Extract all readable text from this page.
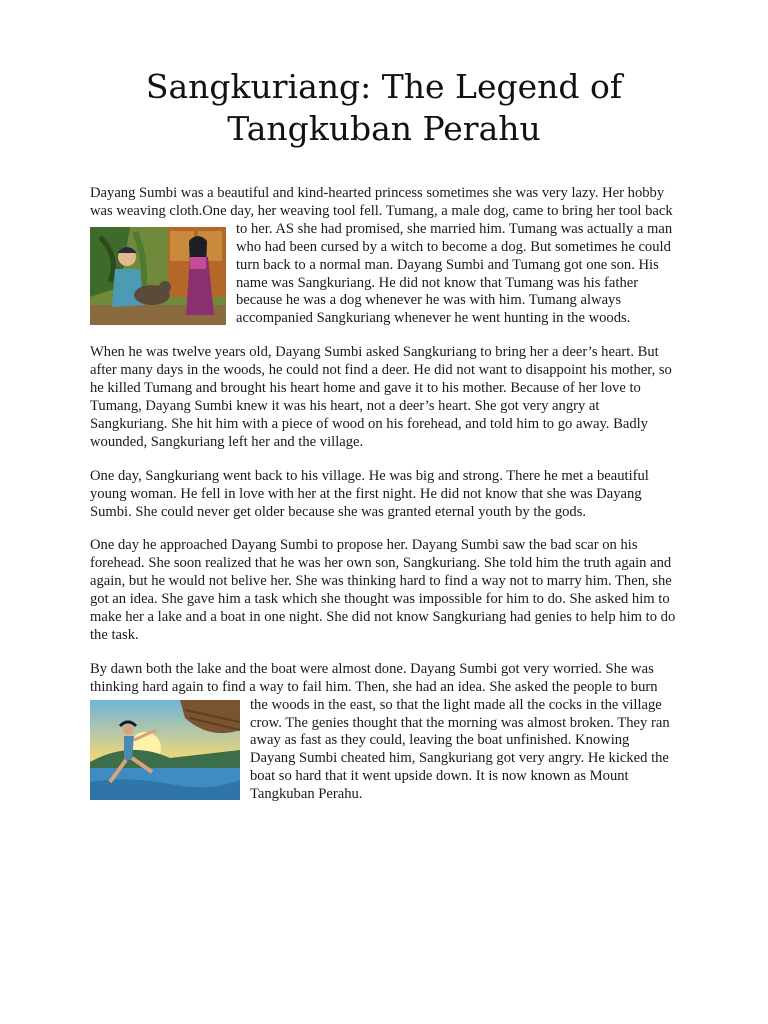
Sangkuriang: The Legend of Tangkuban Perahu

Dayang Sumbi was a beautiful and kind-hearted princess sometimes she was very lazy. Her hobby was weaving cloth.One day, her weaving tool fell. Tumang, a male dog, came to bring her
tool back to her. AS she had promised, she married him. Tumang was actually a man who had been cursed by a witch to become a dog. But sometimes he could turn back to a normal man. Dayang Sumbi and Tumang got one son. His name was Sangkuriang. He did not know that Tumang was his father because he was a dog whenever he was with him. Tumang always accompanied Sangkuriang whenever he went hunting in the woods.

When he was twelve years old, Dayang Sumbi asked Sangkuriang to bring her a deer’s heart. But after many days in the woods, he could not find a deer. He did not want to disappoint his mother, so he killed Tumang and brought his heart home and gave it to his mother. Because of her love to Tumang, Dayang Sumbi knew it was his heart, not a deer’s heart. She got very angry at Sangkuriang. She hit him with a piece of wood on his forehead, and told him to go away. Badly wounded, Sangkuriang left her and the village.

One day, Sangkuriang went back to his village. He was big and strong. There he met a beautiful young woman. He fell in love with her at the first night. He did not know that she was Dayang Sumbi. She could never get older because she was granted eternal youth by the gods.

One day he approached Dayang Sumbi to propose her. Dayang Sumbi saw the bad scar on his forehead. She soon realized that he was her own son, Sangkuriang. She told him the truth again and again, but he would not belive her. She was thinking hard to find a way not to marry him. Then, she got an idea. She gave him a task which she thought was impossible for him to do. She asked him to make her a lake and a boat in one night. She did not know Sangkuriang had genies to help him to do the task.

By dawn both the lake and the boat were almost done. Dayang Sumbi got very worried. She was thinking hard again to find a way to fail him. Then, she had an idea. She asked the people to burn
the woods in the east, so that the light made all the cocks in the village crow. The genies thought that the morning was almost broken. They ran away as fast as they could, leaving the boat unfinished. Knowing Dayang Sumbi cheated him, Sangkuriang got very angry. He kicked the boat so hard that it went upside down. It is now known as Mount Tangkuban Perahu.
